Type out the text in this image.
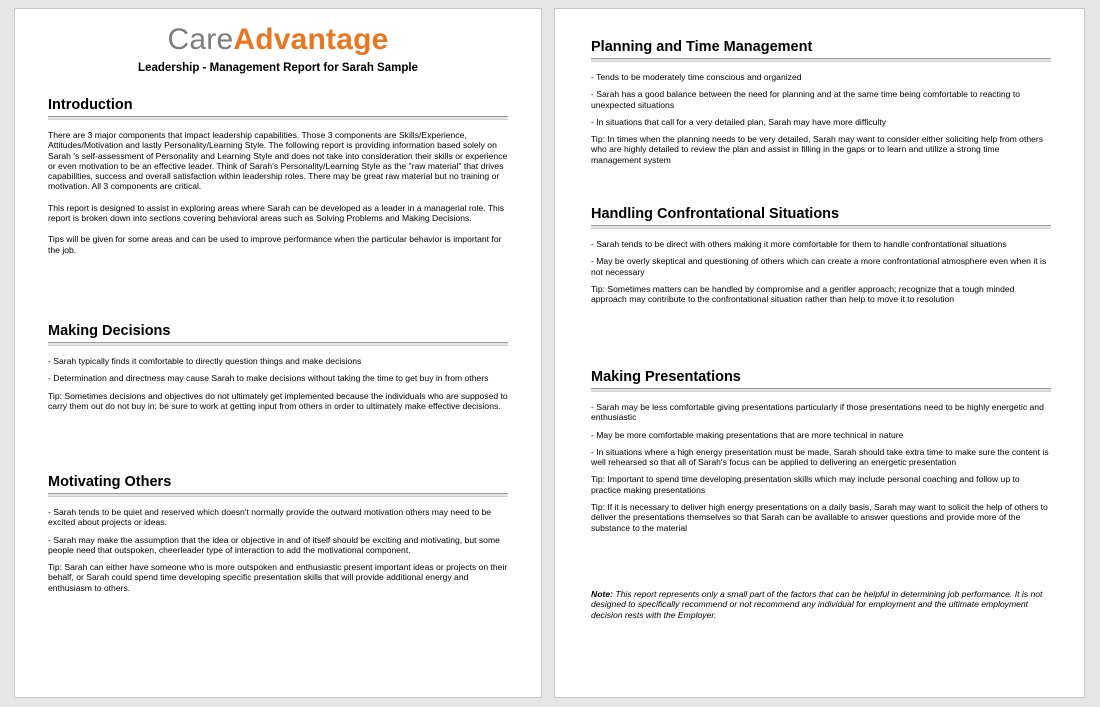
CareAdvantage
Leadership - Management Report for Sarah Sample
Introduction

There are 3 major components that impact leadership capabilities. Those 3 components are Skills/Experience, Attitudes/Motivation and lastly Personality/Learning Style. The following report is providing information based solely on Sarah 's self-assessment of Personality and Learning Style and does not take into consideration their skills or experience or even motivation to be an effective leader. Think of Sarah's Personality/Learning Style as the "raw material" that drives capabilities, success and overall satisfaction within leadership roles. There may be great raw material but no training or motivation. All 3 components are critical.

This report is designed to assist in exploring areas where Sarah can be developed as a leader in a managerial role. This report is broken down into sections covering behavioral areas such as Solving Problems and Making Decisions.

Tips will be given for some areas and can be used to improve performance when the particular behavior is important for the job.

Making Decisions

- Sarah typically finds it comfortable to directly question things and make decisions

- Determination and directness may cause Sarah to make decisions without taking the time to get buy in from others

Tip: Sometimes decisions and objectives do not ultimately get implemented because the individuals who are supposed to carry them out do not buy in; be sure to work at getting input from others in order to ultimately make effective decisions.

Motivating Others

- Sarah tends to be quiet and reserved which doesn't normally provide the outward motivation others may need to be excited about projects or ideas.

- Sarah may make the assumption that the idea or objective in and of itself should be exciting and motivating, but some people need that outspoken, cheerleader type of interaction to add the motivational component.

Tip: Sarah can either have someone who is more outspoken and enthusiastic present important ideas or projects on their behalf, or Sarah could spend time developing specific presentation skills that will provide additional energy and enthusiasm to others.

Planning and Time Management

- Tends to be moderately time conscious and organized

- Sarah has a good balance between the need for planning and at the same time being comfortable to reacting to unexpected situations

- In situations that call for a very detailed plan, Sarah may have more difficulty

Tip: In times when the planning needs to be very detailed, Sarah may want to consider either soliciting help from others who are highly detailed to review the plan and assist in filling in the gaps or to learn and utilize a strong time management system

Handling Confrontational Situations

- Sarah tends to be direct with others making it more comfortable for them to handle confrontational situations

- May be overly skeptical and questioning of others which can create a more confrontational atmosphere even when it is not necessary

Tip: Sometimes matters can be handled by compromise and a gentler approach; recognize that a tough minded approach may contribute to the confrontational situation rather than help to move it to resolution

Making Presentations

- Sarah may be less comfortable giving presentations particularly if those presentations need to be highly energetic and enthusiastic

- May be more comfortable making presentations that are more technical in nature

- In situations where a high energy presentation must be made, Sarah should take extra time to make sure the content is well rehearsed so that all of Sarah's focus can be applied to delivering an energetic presentation

Tip: Important to spend time developing presentation skills which may include personal coaching and follow up to practice making presentations

Tip: If it is necessary to deliver high energy presentations on a daily basis, Sarah may want to solicit the help of others to deliver the presentations themselves so that Sarah can be available to answer questions and provide more of the substance to the material

Note: This report represents only a small part of the factors that can be helpful in determining job performance. It is not designed to specifically recommend or not recommend any individual for employment and the ultimate employment decision rests with the Employer.
